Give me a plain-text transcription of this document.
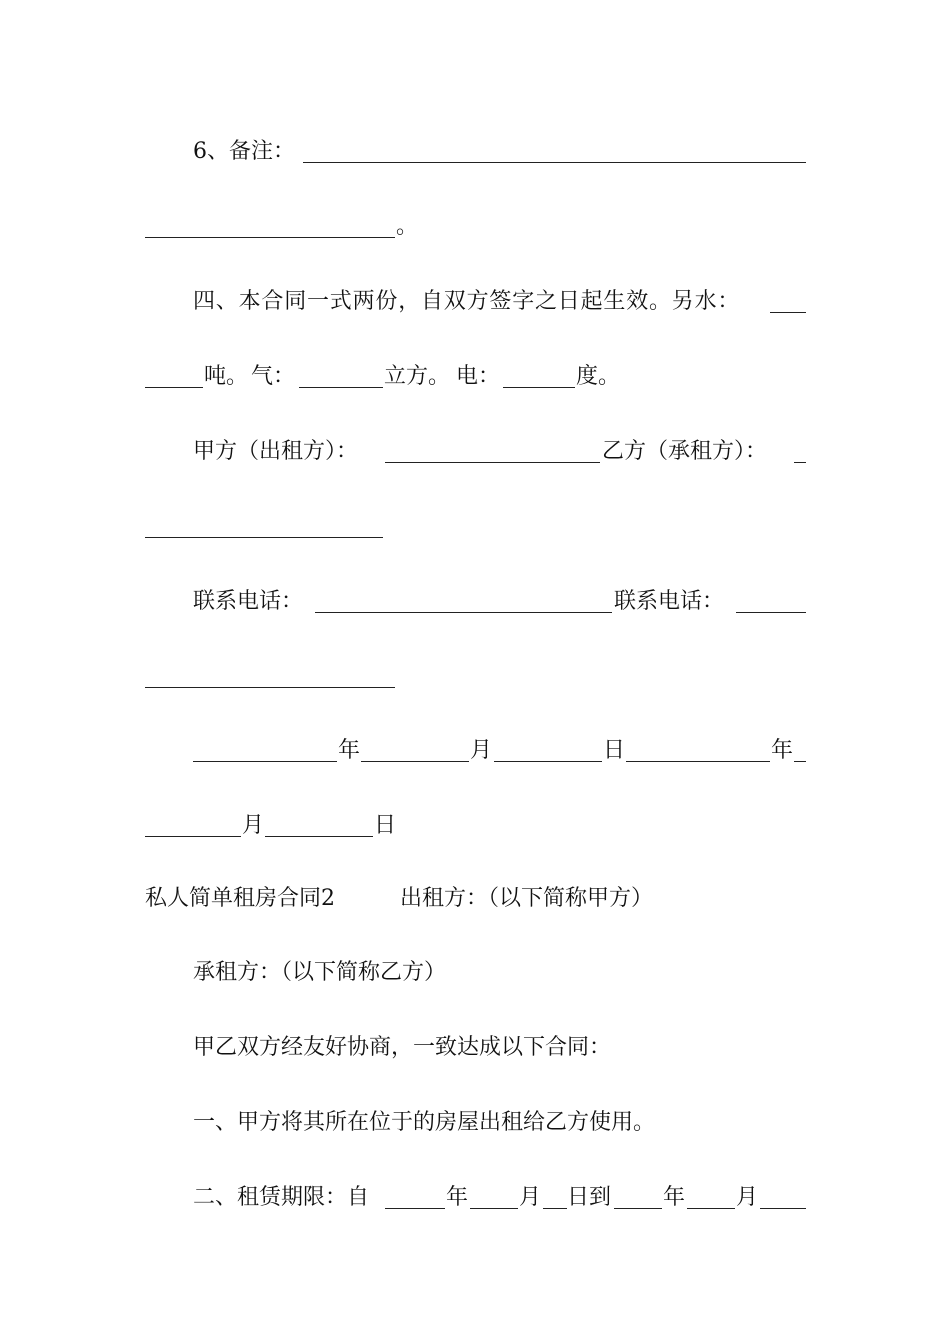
6、备注：
。
四、本合同一式两份，自双方签字之日起生效。另水：
吨。 气：	立方。 电：	度。
甲方（出租方）：	乙方（承租方）：
联系电话：	联系电话：
年	月	日	年
月	日
私人简单租房合同2	出租方：（以下简称甲方）
承租方：（以下简称乙方）
甲乙双方经友好协商，一致达成以下合同：
一、甲方将其所在位于的房屋出租给乙方使用。
二、租赁期限：自	年 月 日到 年 月
